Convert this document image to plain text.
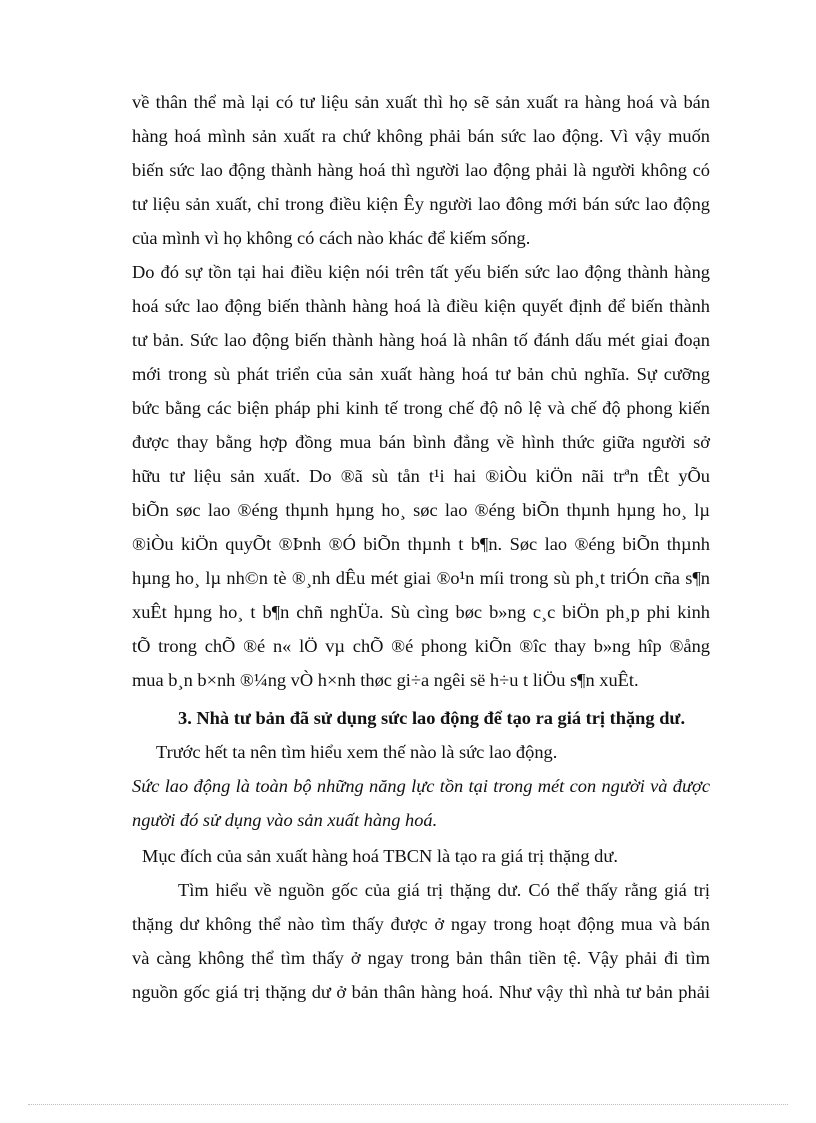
về thân thể mà lại có tư liệu sản xuất thì họ sẽ sản xuất ra hàng hoá và bán
hàng hoá mình sản xuất ra chứ không phải bán sức lao động. Vì vậy muốn
biến sức lao động thành hàng hoá thì người lao động phải là người không có
tư liệu sản xuất, chỉ trong điều kiện Êy người lao đông mới bán sức lao động
của mình vì họ không có cách nào khác để kiếm sống.
Do đó sự tồn tại hai điều kiện nói trên tất yếu biến sức lao động thành hàng
hoá sức lao động biến thành hàng hoá là điều kiện quyết định để biến thành
tư bản. Sức lao động biến thành hàng hoá là nhân tố đánh dấu mét giai đoạn
mới trong sù phát triển của sản xuất hàng hoá tư bản chủ nghĩa. Sự cưỡng
bức bằng các biện pháp phi kinh tế trong chế độ nô lệ và chế độ phong kiến
được thay bằng hợp đồng mua bán bình đẳng về hình thức giữa người sở
hữu tư liệu sản xuất. Do ®ã sù tån t¹i hai ®iÒu kiÖn nãi trªn tÊt yÕu
biÕn søc lao ®éng thµnh hµng ho¸ søc lao ®éng biÕn thµnh hµng ho¸ lµ
®iÒu kiÖn quyÕt ®Þnh ®Ó biÕn thµnh t b¶n. Søc lao ®éng biÕn thµnh
hµng ho¸ lµ nh©n tè ®¸nh dÊu mét giai ®o¹n míi trong sù ph¸t triÓn cña s¶n
xuÊt hµng ho¸ t b¶n chñ nghÜa. Sù cìng bøc b»ng c¸c biÖn ph¸p phi kinh
tÕ trong chÕ ®é n« lÖ vµ chÕ ®é phong kiÕn ®îc thay b»ng hîp ®ång
mua b¸n b×nh ®¼ng vÒ h×nh thøc gi÷a ngêi së h÷u t liÖu s¶n xuÊt.
3. Nhà tư bản đã sử dụng sức lao động để tạo ra giá trị thặng dư.
Trước hết ta nên tìm hiểu xem thế nào là sức lao động.
Sức lao động là toàn bộ những năng lực tồn tại trong mét con người và được
người đó sử dụng vào sản xuất hàng hoá.
Mục đích của sản xuất hàng hoá TBCN là tạo ra giá trị thặng dư.
Tìm hiểu về nguồn gốc của giá trị thặng dư. Có thể thấy rằng giá trị
thặng dư không thể nào tìm thấy được ở ngay trong hoạt động mua và bán
và càng không thể tìm thấy ở ngay trong bản thân tiền tệ. Vậy phải đi tìm
nguồn gốc giá trị thặng dư ở bản thân hàng hoá. Như vậy thì nhà tư bản phải
